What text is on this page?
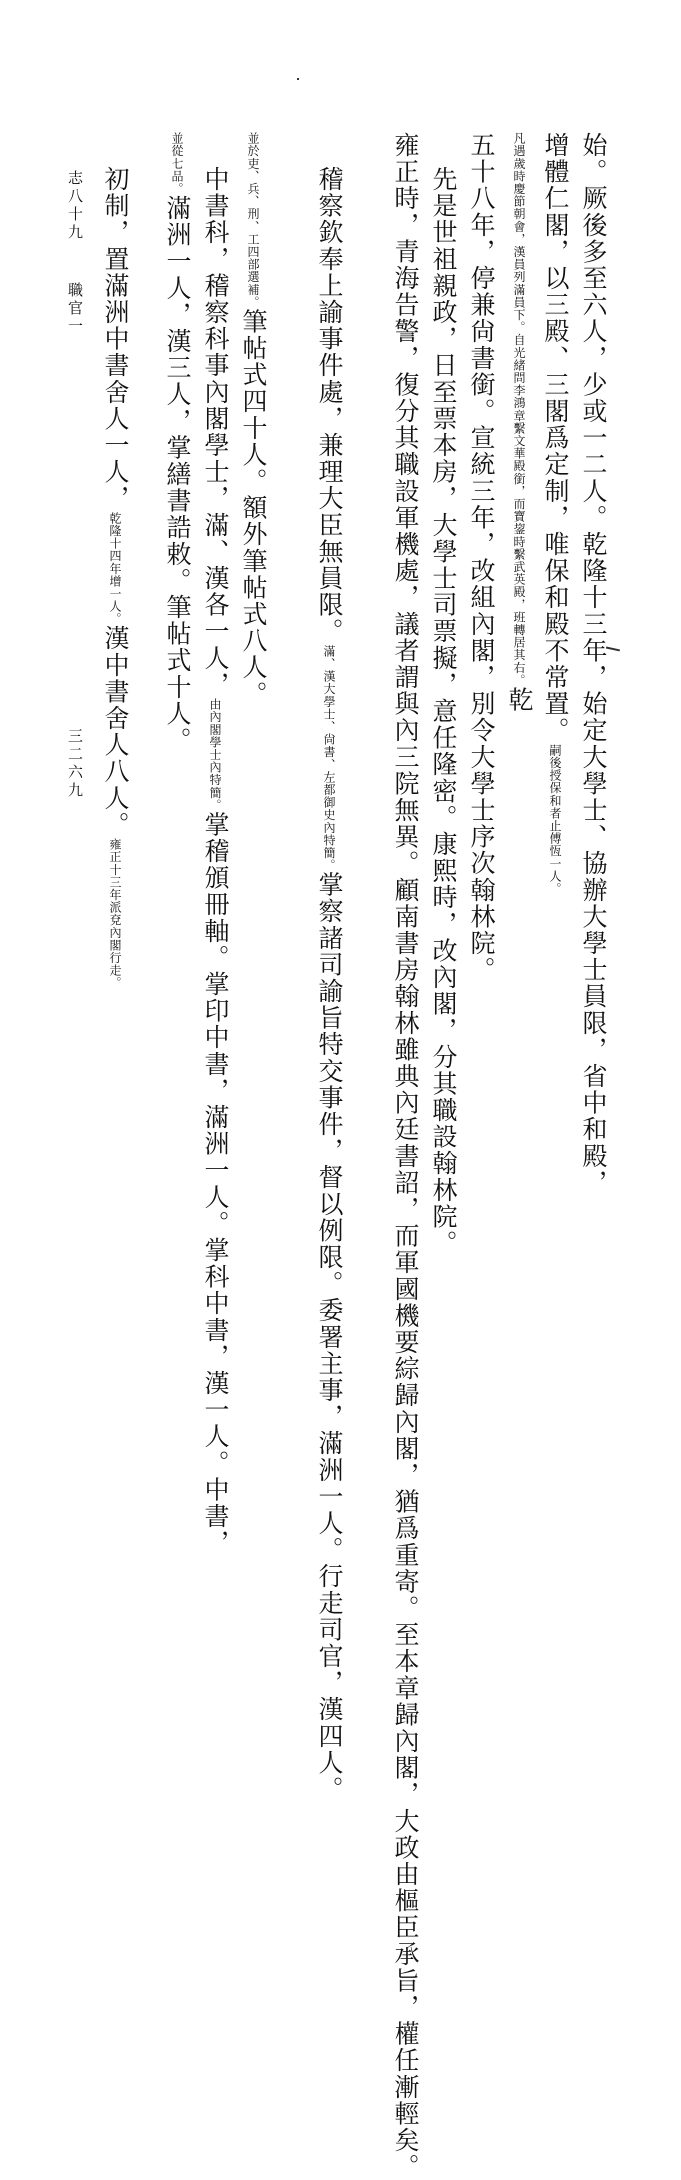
始。厥後多至六人，少或一二人。乾隆十三年，始定大學士、協辦大學士員限，省中和殿，
增體仁閣，以三殿、三閣爲定制，唯保和殿不常置。嗣後授保和者止傅恆一人。
凡遇歲時慶節朝會，漢員列滿員下。自光緒問李鴻章繫文華殿銜，而寶鋆時繫武英殿，班轉居其右。乾
五十八年，停兼尙書銜。宣統三年，改組內閣，別令大學士序次翰林院。
先是世祖親政，日至票本房，大學士司票擬，意任隆密。康熙時，改內閣，分其職設翰林院。
雍正時，青海告警，復分其職設軍機處，議者謂與內三院無異。顧南書房翰林雖典內廷書詔，而軍國機要綜歸內閣，猶爲重寄。至本章歸內閣，大政由樞臣承旨，權任漸輕矣。
稽察欽奉上諭事件處，兼理大臣無員限。滿、漢大學士、尙書、左都御史內特簡。掌察諸司諭旨特交事件，督以例限。委署主事，滿洲一人。行走司官，漢四人。
並於吏、兵、刑、工四部選補。筆帖式四十人。額外筆帖式八人。
中書科，稽察科事內閣學士，滿、漢各一人，由內閣學士內特簡。掌稽頒冊軸。掌印中書，滿洲一人。掌科中書，漢一人。中書，
並從七品。滿洲一人，漢三人，掌繕書誥敕。筆帖式十人。
初制，置滿洲中書舍人一人，乾隆十四年增一人。漢中書舍人八人。雍正十三年派兗內閣行走。
志八十九職官一
三二六九
